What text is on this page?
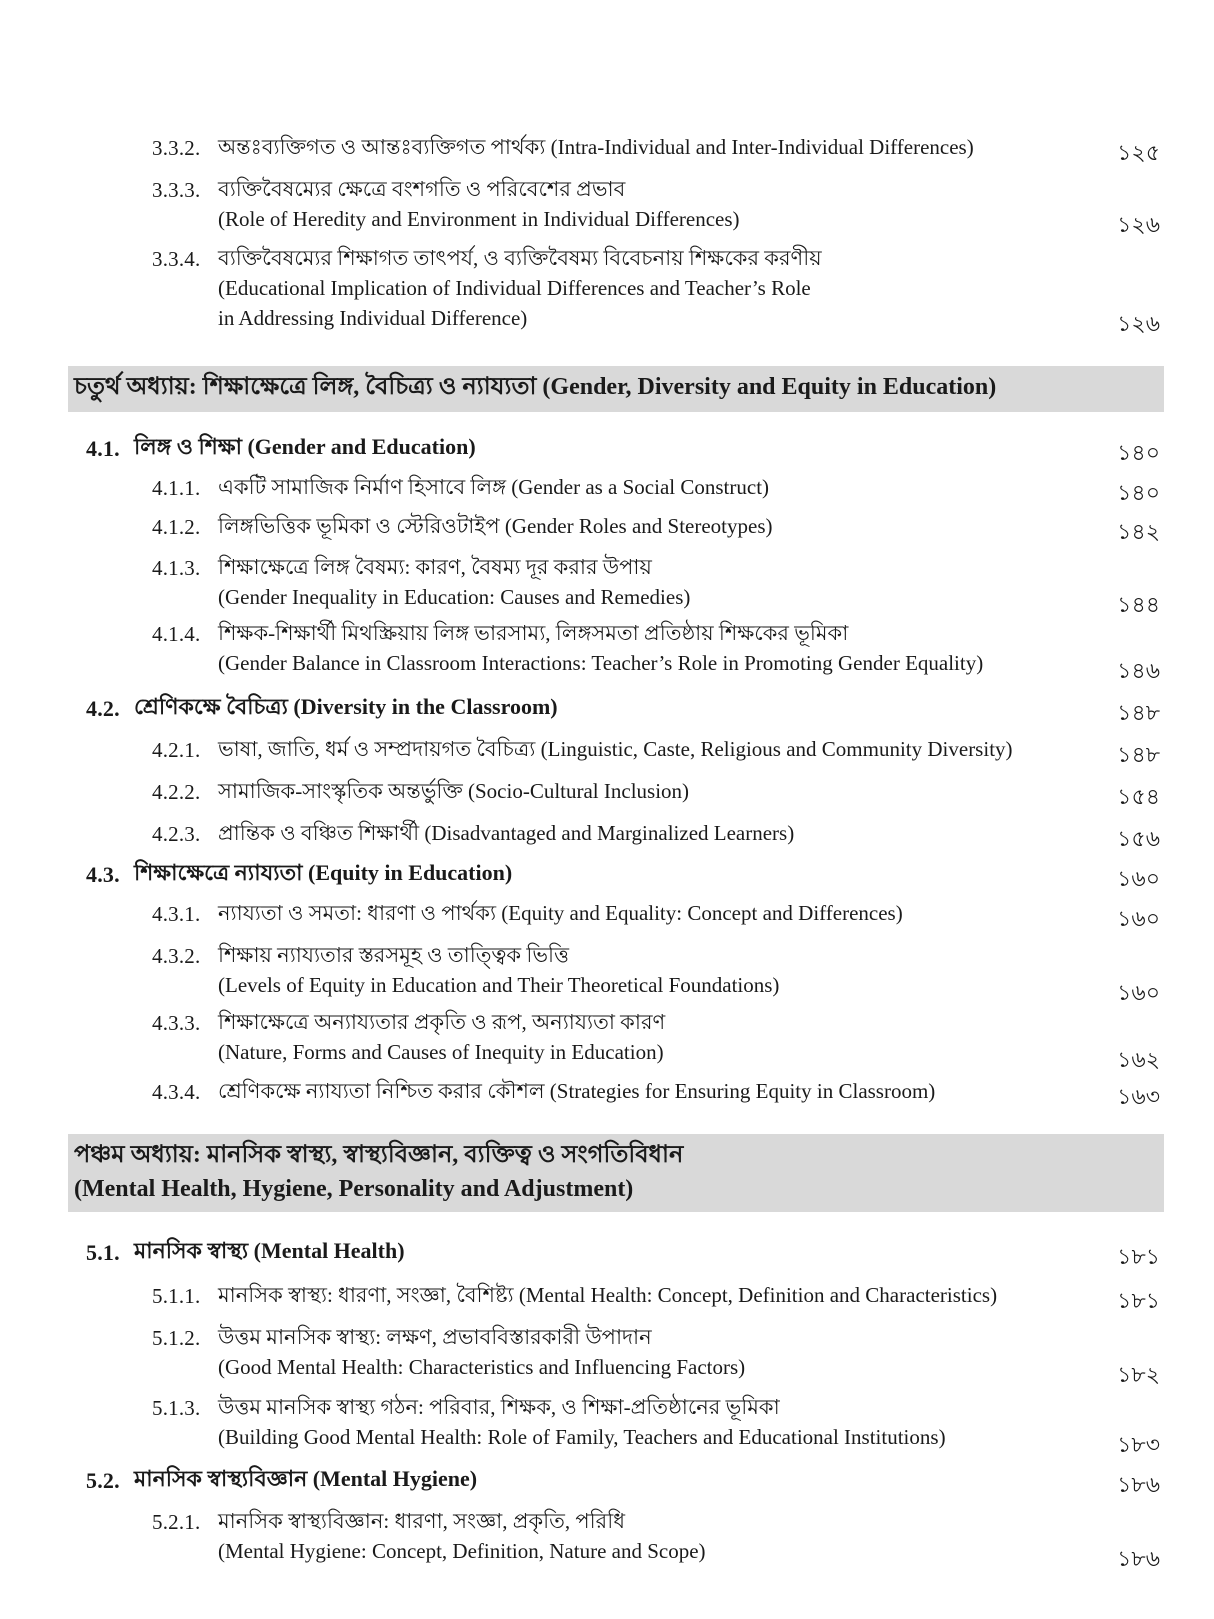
3.3.2. অন্তঃব্যক্তিগত ও আন্তঃব্যক্তিগত পার্থক্য (Intra-Individual and Inter-Individual Differences)	১২৫
3.3.3. ব্যক্তিবৈষম্যের ক্ষেত্রে বংশগতি ও পরিবেশের প্রভাব
(Role of Heredity and Environment in Individual Differences)	১২৬
3.3.4. ব্যক্তিবৈষম্যের শিক্ষাগত তাৎপর্য, ও ব্যক্তিবৈষম্য বিবেচনায় শিক্ষকের করণীয়
(Educational Implication of Individual Differences and Teacher’s Role
in Addressing Individual Difference)	১২৬
চতুর্থ অধ্যায়: শিক্ষাক্ষেত্রে লিঙ্গ, বৈচিত্র্য ও ন্যায্যতা (Gender, Diversity and Equity in Education)
4.1. লিঙ্গ ও শিক্ষা (Gender and Education)	১৪০
4.1.1. একটি সামাজিক নির্মাণ হিসাবে লিঙ্গ (Gender as a Social Construct)	১৪০
4.1.2. লিঙ্গভিত্তিক ভূমিকা ও স্টেরিওটাইপ (Gender Roles and Stereotypes)	১৪২
4.1.3. শিক্ষাক্ষেত্রে লিঙ্গ বৈষম্য: কারণ, বৈষম্য দূর করার উপায়
(Gender Inequality in Education: Causes and Remedies)	১৪৪
4.1.4. শিক্ষক-শিক্ষার্থী মিথস্ক্রিয়ায় লিঙ্গ ভারসাম্য, লিঙ্গসমতা প্রতিষ্ঠায় শিক্ষকের ভূমিকা
(Gender Balance in Classroom Interactions: Teacher’s Role in Promoting Gender Equality)	১৪৬
4.2. শ্রেণিকক্ষে বৈচিত্র্য (Diversity in the Classroom)	১৪৮
4.2.1. ভাষা, জাতি, ধর্ম ও সম্প্রদায়গত বৈচিত্র্য (Linguistic, Caste, Religious and Community Diversity)	১৪৮
4.2.2. সামাজিক-সাংস্কৃতিক অন্তর্ভুক্তি (Socio-Cultural Inclusion)	১৫৪
4.2.3. প্রান্তিক ও বঞ্চিত শিক্ষার্থী (Disadvantaged and Marginalized Learners)	১৫৬
4.3. শিক্ষাক্ষেত্রে ন্যায্যতা (Equity in Education)	১৬০
4.3.1. ন্যায্যতা ও সমতা: ধারণা ও পার্থক্য (Equity and Equality: Concept and Differences)	১৬০
4.3.2. শিক্ষায় ন্যায্যতার স্তরসমূহ ও তাত্ত্বিক ভিত্তি
(Levels of Equity in Education and Their Theoretical Foundations)	১৬০
4.3.3. শিক্ষাক্ষেত্রে অন্যায্যতার প্রকৃতি ও রূপ, অন্যায্যতা কারণ
(Nature, Forms and Causes of Inequity in Education)	১৬২
4.3.4. শ্রেণিকক্ষে ন্যায্যতা নিশ্চিত করার কৌশল (Strategies for Ensuring Equity in Classroom)	১৬৩
পঞ্চম অধ্যায়: মানসিক স্বাস্থ্য, স্বাস্থ্যবিজ্ঞান, ব্যক্তিত্ব ও সংগতিবিধান
(Mental Health, Hygiene, Personality and Adjustment)
5.1. মানসিক স্বাস্থ্য (Mental Health)	১৮১
5.1.1. মানসিক স্বাস্থ্য: ধারণা, সংজ্ঞা, বৈশিষ্ট্য (Mental Health: Concept, Definition and Characteristics)	১৮১
5.1.2. উত্তম মানসিক স্বাস্থ্য: লক্ষণ, প্রভাববিস্তারকারী উপাদান
(Good Mental Health: Characteristics and Influencing Factors)	১৮২
5.1.3. উত্তম মানসিক স্বাস্থ্য গঠন: পরিবার, শিক্ষক, ও শিক্ষা-প্রতিষ্ঠানের ভূমিকা
(Building Good Mental Health: Role of Family, Teachers and Educational Institutions)	১৮৩
5.2. মানসিক স্বাস্থ্যবিজ্ঞান (Mental Hygiene)	১৮৬
5.2.1. মানসিক স্বাস্থ্যবিজ্ঞান: ধারণা, সংজ্ঞা, প্রকৃতি, পরিধি
(Mental Hygiene: Concept, Definition, Nature and Scope)	১৮৬
